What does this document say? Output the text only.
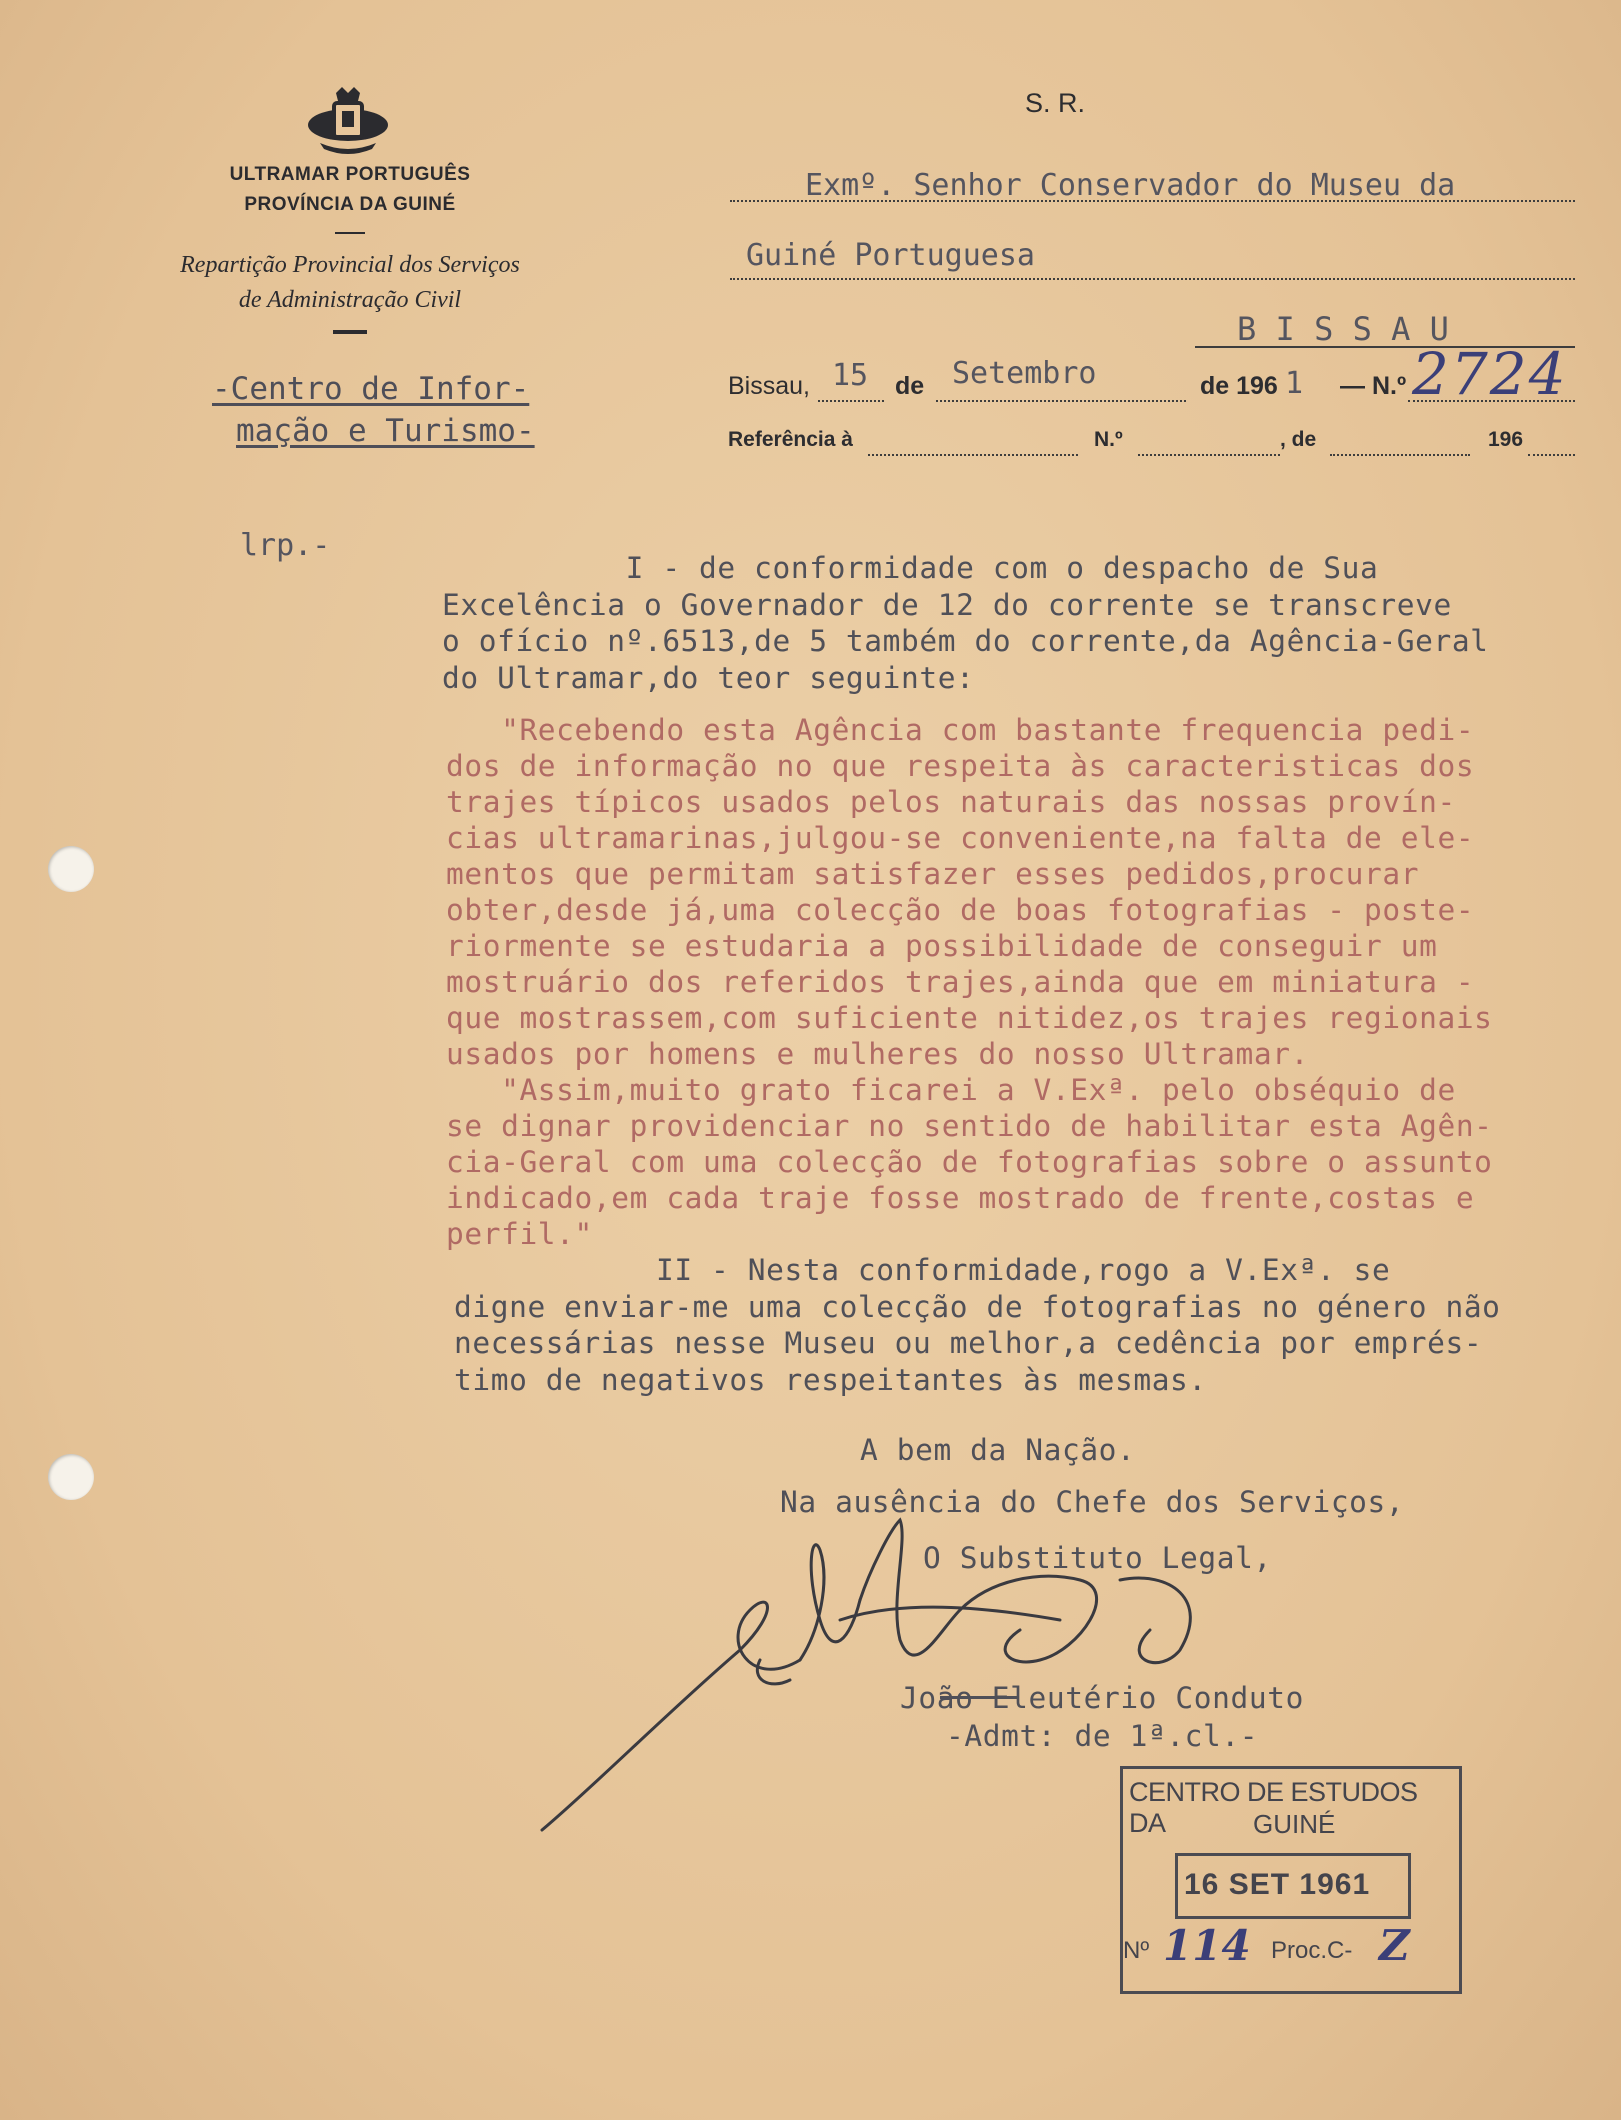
ULTRAMAR PORTUGUÊS
PROVÍNCIA DA GUINÉ
Repartição Provincial dos Serviços
de Administração Civil
-Centro de Infor-
mação e Turismo-
lrp.-
S. R.
Exmº. Senhor Conservador do Museu da
Guiné Portuguesa
B I S S A U
Bissau, 15 de Setembro	de 196 1 — N.º 2724
Referência à	N.º	, de	196
I - de conformidade com o despacho de Sua
Excelência o Governador de 12 do corrente se transcreve
o ofício nº.6513,de 5 também do corrente,da Agência-Geral
do Ultramar,do teor seguinte:
"Recebendo esta Agência com bastante frequencia pedi-
dos de informação no que respeita às caracteristicas dos
trajes típicos usados pelos naturais das nossas provín-
cias ultramarinas,julgou-se conveniente,na falta de ele-
mentos que permitam satisfazer esses pedidos,procurar
obter,desde já,uma colecção de boas fotografias - poste-
riormente se estudaria a possibilidade de conseguir um
mostruário dos referidos trajes,ainda que em miniatura -
que mostrassem,com suficiente nitidez,os trajes regionais
usados por homens e mulheres do nosso Ultramar.
"Assim,muito grato ficarei a V.Exª. pelo obséquio de
se dignar providenciar no sentido de habilitar esta Agên-
cia-Geral com uma colecção de fotografias sobre o assunto
indicado,em cada traje fosse mostrado de frente,costas e
perfil."
II - Nesta conformidade,rogo a V.Exª. se
digne enviar-me uma colecção de fotografias no género não
necessárias nesse Museu ou melhor,a cedência por emprés-
timo de negativos respeitantes às mesmas.
A bem da Nação.
Na ausência do Chefe dos Serviços,
O Substituto Legal,
João Eleutério Conduto
-Admt: de 1ª.cl.-
CENTRO DE ESTUDOS DA	GUINÉ
16 SET 1961
Nº 114 Proc.C- Z
